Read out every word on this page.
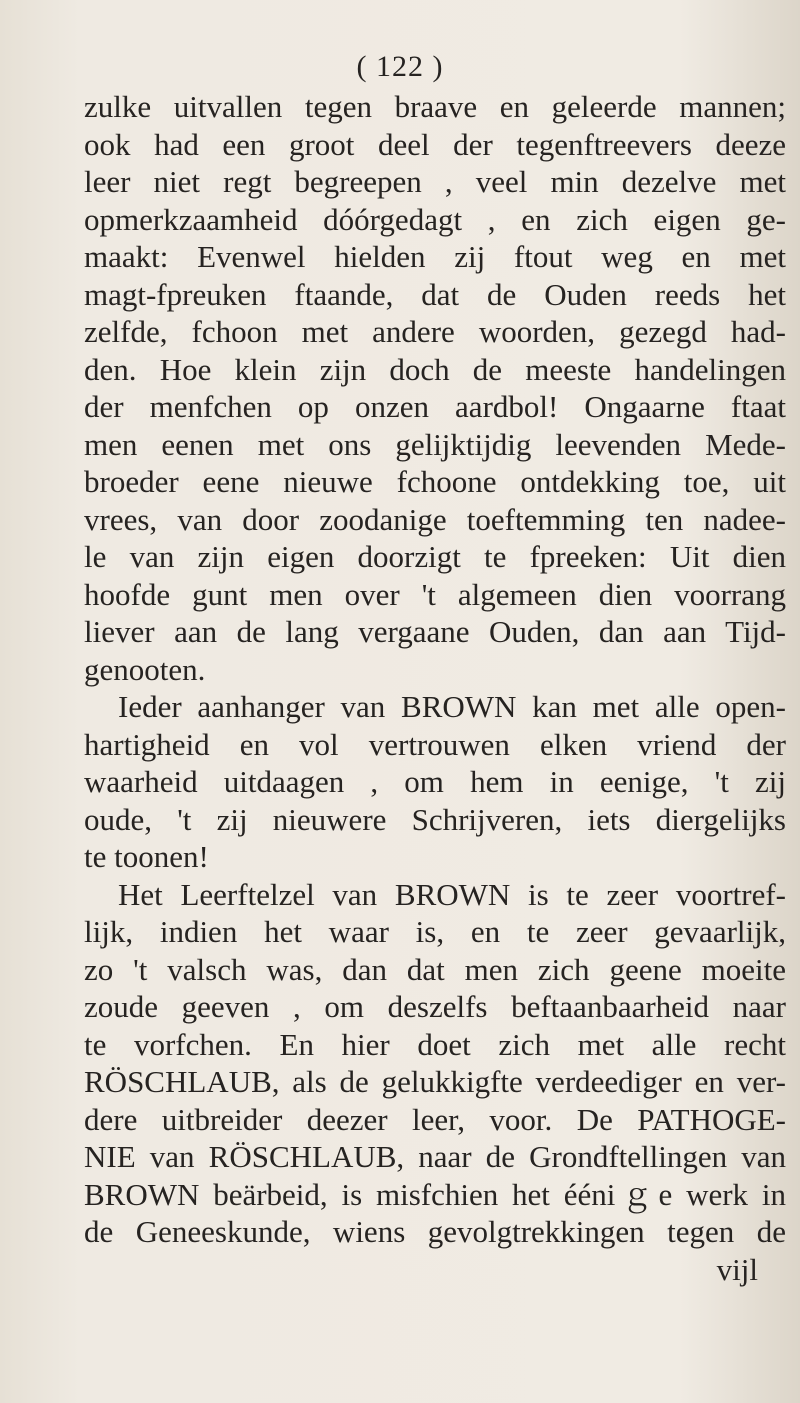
( 122 )
zulke uitvallen tegen braave en geleerde mannen;
ook had een groot deel der tegenftreevers deeze
leer niet regt begreepen , veel min dezelve met
opmerkzaamheid dóórgedagt , en zich eigen ge-
maakt: Evenwel hielden zij ftout weg en met
magt-fpreuken ftaande, dat de Ouden reeds het
zelfde, fchoon met andere woorden, gezegd had-
den. Hoe klein zijn doch de meeste handelingen
der menfchen op onzen aardbol! Ongaarne ftaat
men eenen met ons gelijktijdig leevenden Mede-
broeder eene nieuwe fchoone ontdekking toe, uit
vrees, van door zoodanige toeftemming ten nadee-
le van zijn eigen doorzigt te fpreeken: Uit dien
hoofde gunt men over 't algemeen dien voorrang
liever aan de lang vergaane Ouden, dan aan Tijd-
genooten.
Ieder aanhanger van BROWN kan met alle open-
hartigheid en vol vertrouwen elken vriend der
waarheid uitdaagen , om hem in eenige, 't zij
oude, 't zij nieuwere Schrijveren, iets diergelijks
te toonen!
Het Leerftelzel van BROWN is te zeer voortref-
lijk, indien het waar is, en te zeer gevaarlijk,
zo 't valsch was, dan dat men zich geene moeite
zoude geeven , om deszelfs beftaanbaarheid naar
te vorfchen. En hier doet zich met alle recht
RÖSCHLAUB, als de gelukkigfte verdeediger en ver-
dere uitbreider deezer leer, voor. De PATHOGE-
NIE van RÖSCHLAUB, naar de Grondftellingen van
BROWN beärbeid, is misfchien het ééniｇe werk in
de Geneeskunde, wiens gevolgtrekkingen tegen de
vijl
